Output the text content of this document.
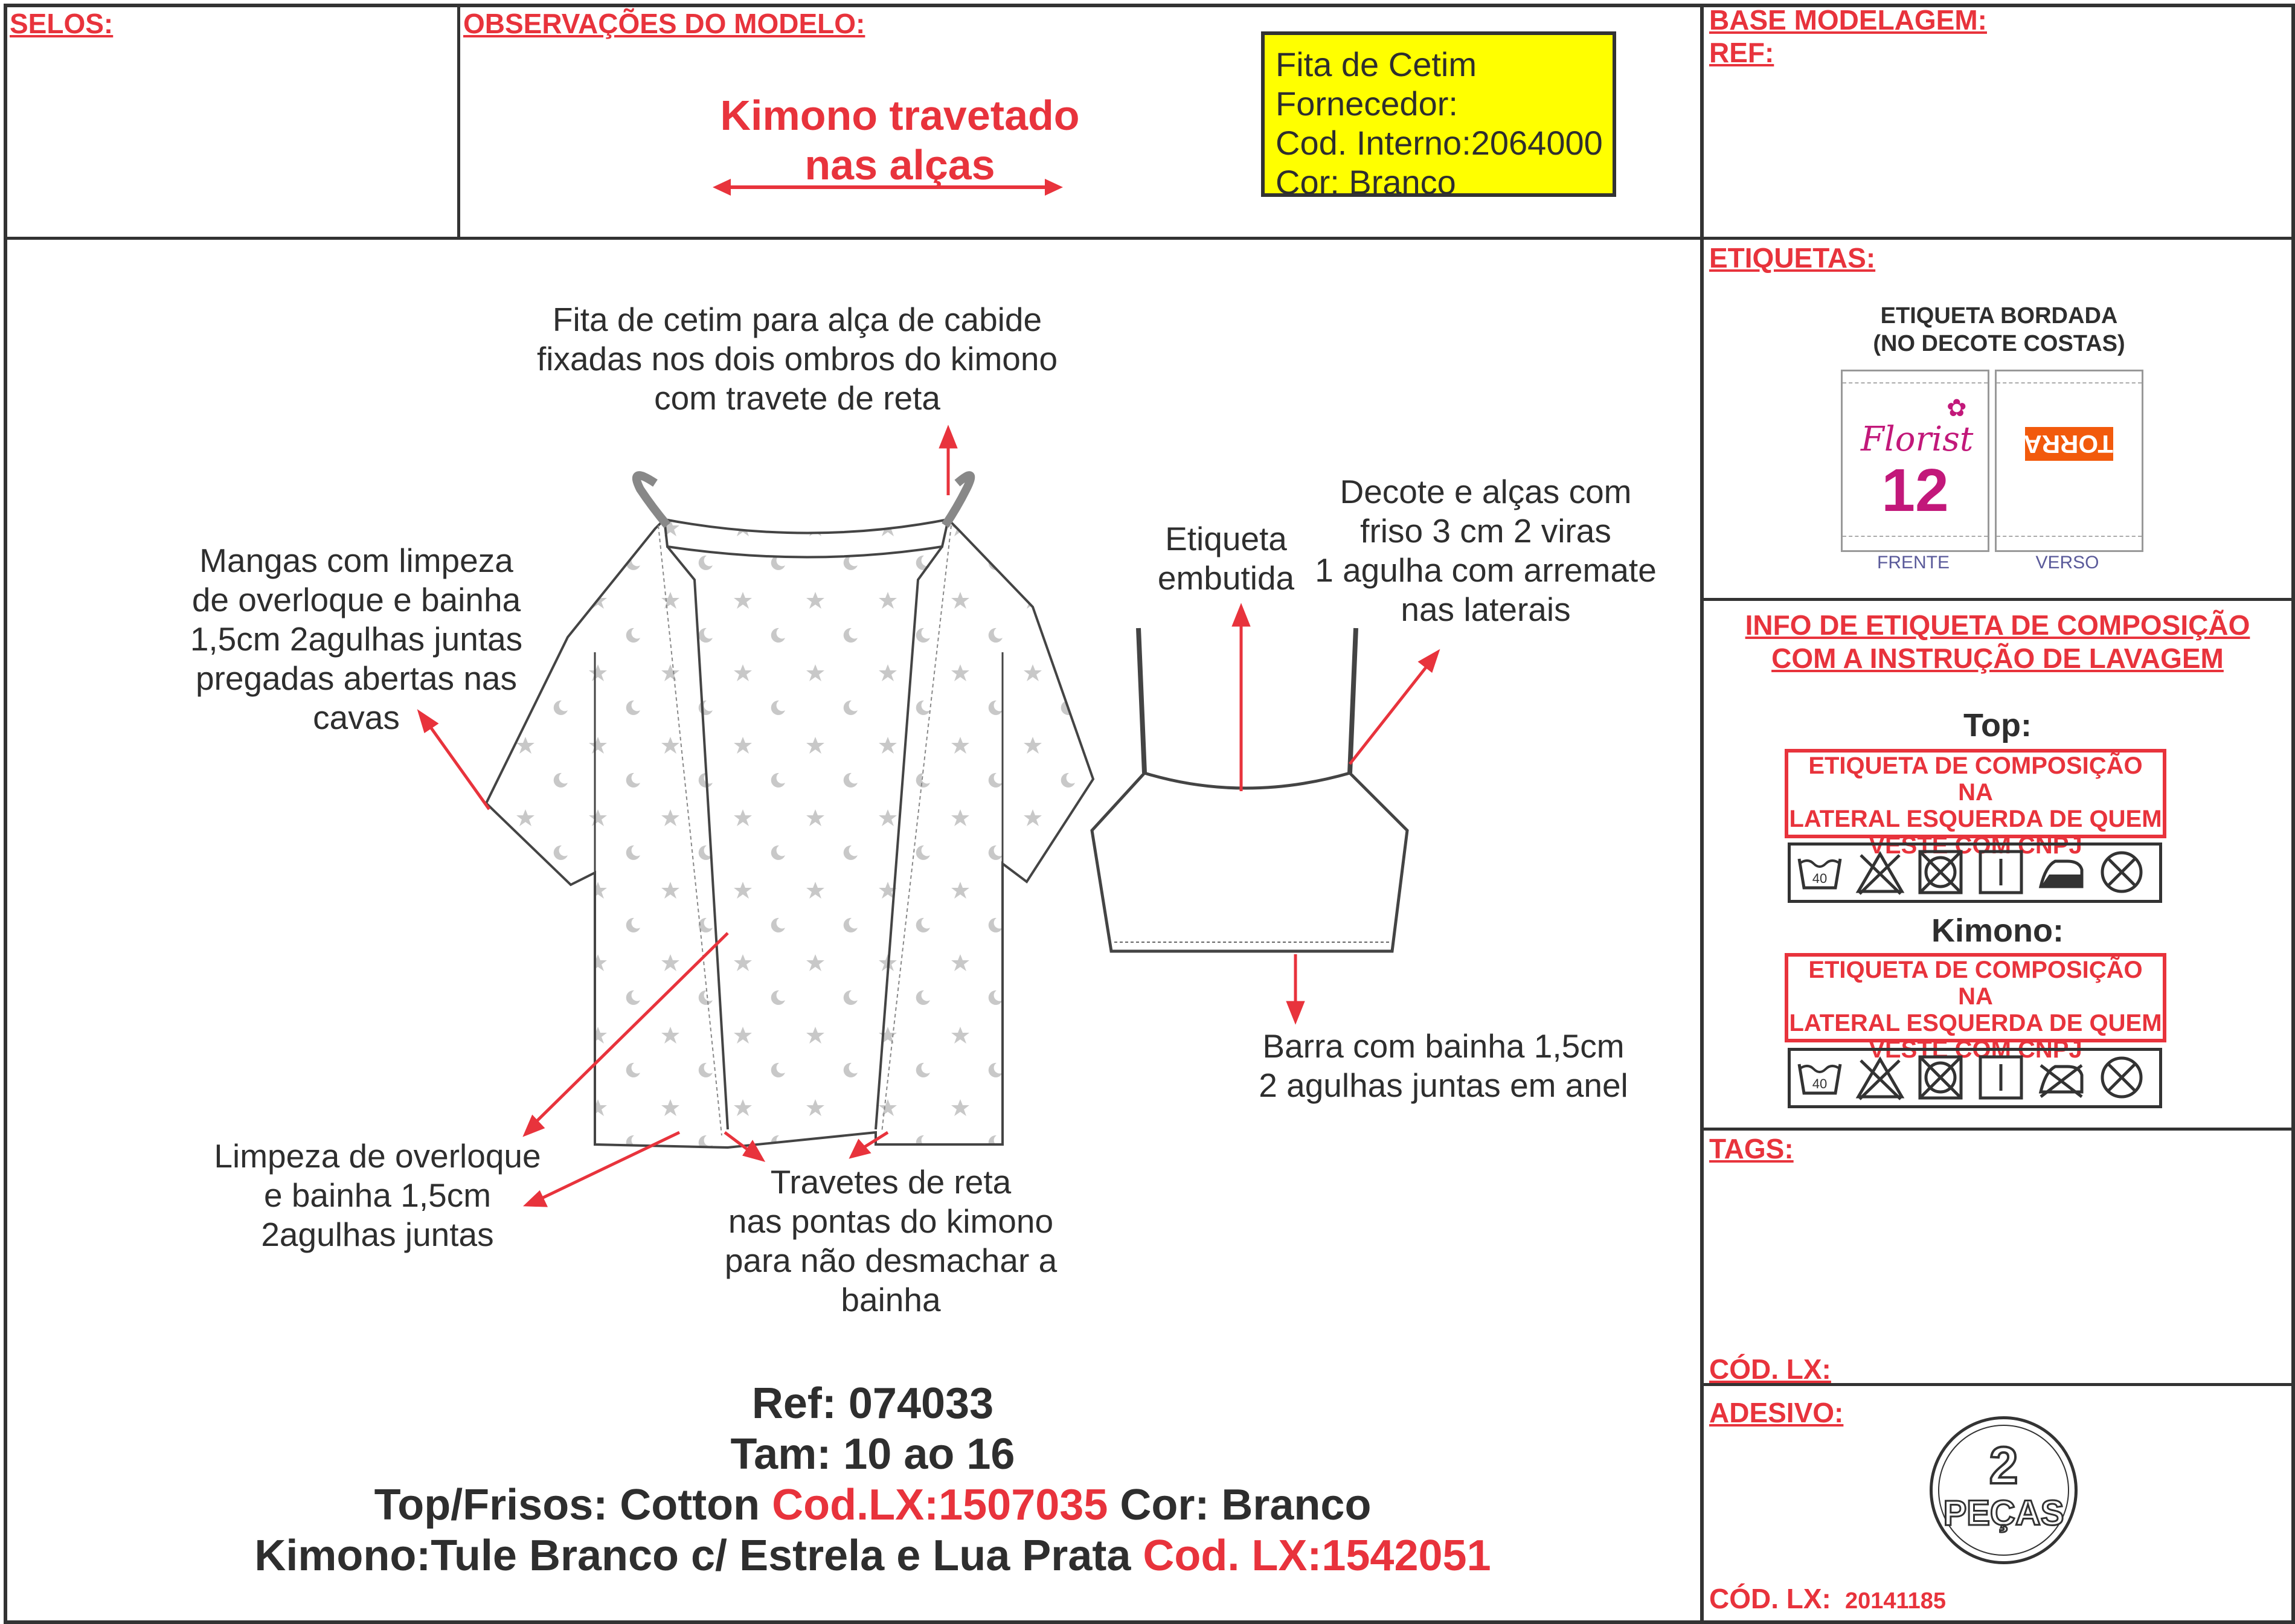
SELOS:	OBSERVAÇÕES DO MODELO:
Kimono travetado
nas alças
Fita de Cetim
Fornecedor:
Cod. Interno:2064000
Cor: Branco
BASE MODELAGEM:
REF:
Fita de cetim para alça de cabide
fixadas nos dois ombros do kimono
com travete de reta
Mangas com limpeza
de overloque e bainha
1,5cm 2agulhas juntas
pregadas abertas nas
cavas
Etiqueta
embutida
Decote e alças com
friso 3 cm 2 viras
1 agulha com arremate
nas laterais
Barra com bainha 1,5cm
2 agulhas juntas em anel
Limpeza de overloque
e bainha 1,5cm
2agulhas juntas
Travetes de reta
nas pontas do kimono
para não desmachar a
bainha
Ref: 074033
Tam: 10 ao 16
Top/Frisos: Cotton Cod.LX:1507035 Cor: Branco
Kimono:Tule Branco c/ Estrela e Lua Prata Cod. LX:1542051
ETIQUETAS:
ETIQUETA BORDADA
(NO DECOTE COSTAS)
Florist
✿
12
TORRA
FRENTE	VERSO
INFO DE ETIQUETA DE COMPOSIÇÃO
COM A INSTRUÇÃO DE LAVAGEM
Top:
ETIQUETA DE COMPOSIÇÃO NA
LATERAL ESQUERDA DE QUEM
VESTE COM CNPJ
40
Kimono:
ETIQUETA DE COMPOSIÇÃO NA
LATERAL ESQUERDA DE QUEM
VESTE COM CNPJ
40
TAGS:
CÓD. LX:
ADESIVO:
2
PEÇAS
CÓD. LX: 20141185
